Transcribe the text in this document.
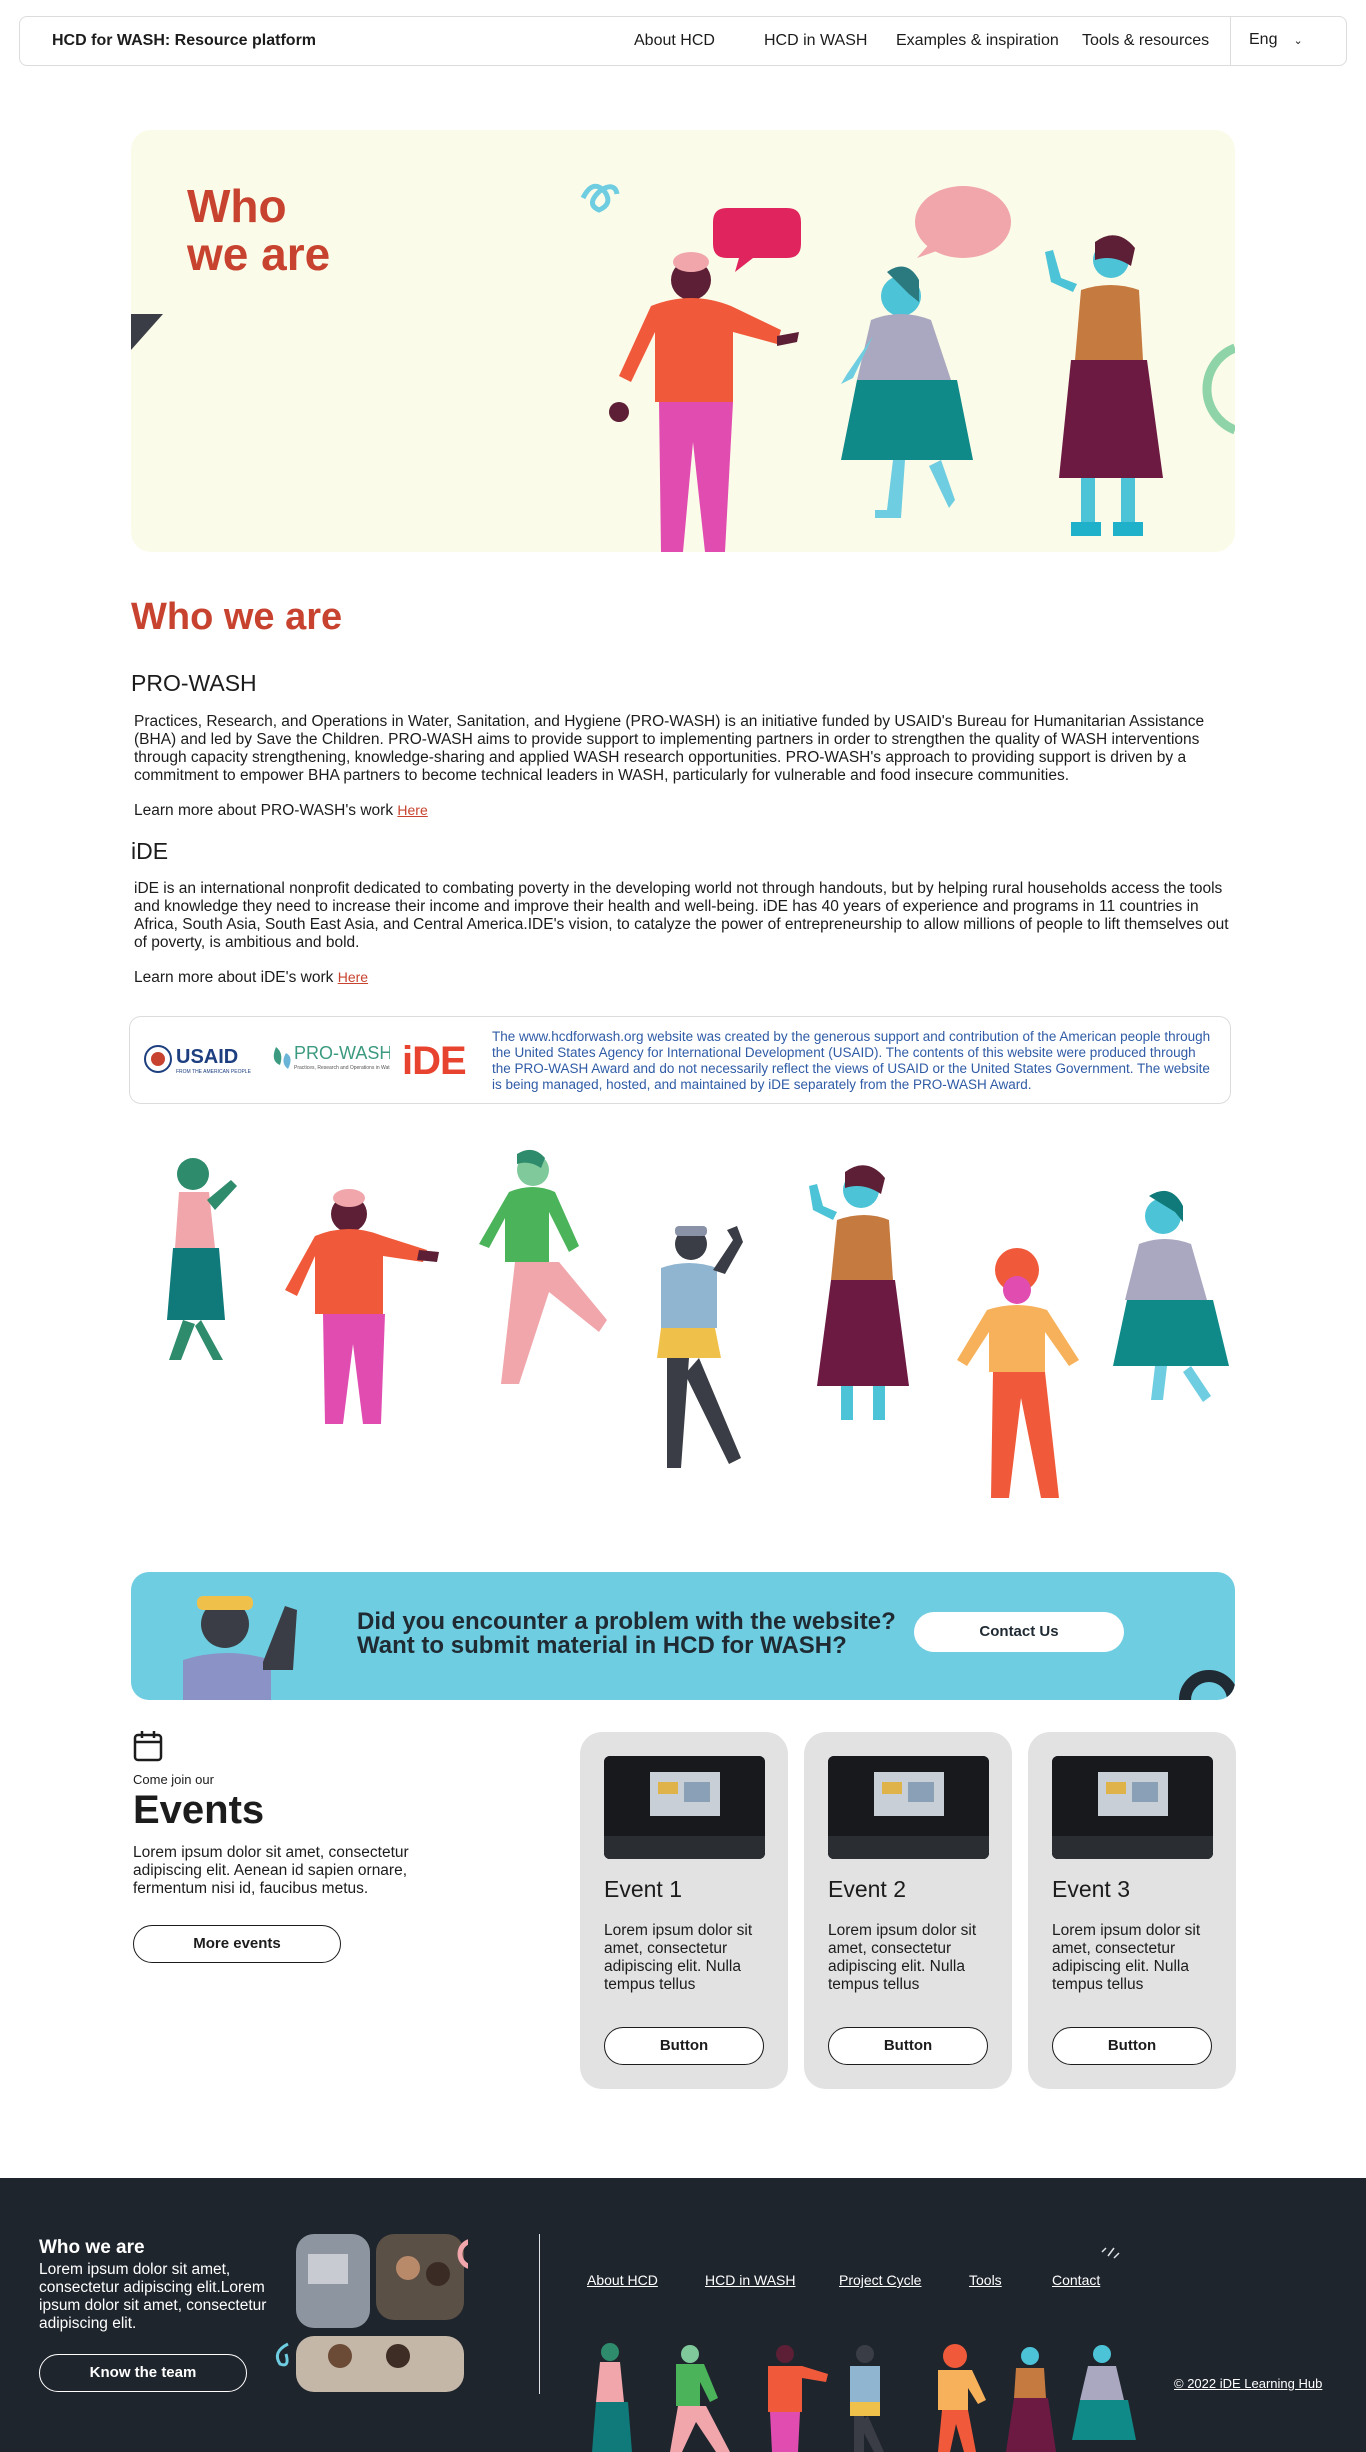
HCD for WASH: Resource platform	About HCD	HCD in WASH Examples & inspiration Tools & resources	Eng ⌄
Who
we are
Who we are
PRO-WASH
Practices, Research, and Operations in Water, Sanitation, and Hygiene (PRO-WASH) is an initiative funded by USAID's Bureau for Humanitarian Assistance (BHA) and led by Save the Children. PRO-WASH aims to provide support to implementing partners in order to strengthen the quality of WASH interventions through capacity strengthening, knowledge-sharing and applied WASH research opportunities. PRO-WASH's approach to providing support is driven by a commitment to empower BHA partners to become technical leaders in WASH, particularly for vulnerable and food insecure communities.
Learn more about PRO-WASH's work Here
iDE
iDE is an international nonprofit dedicated to combating poverty in the developing world not through handouts, but by helping rural households access the tools and knowledge they need to increase their income and improve their health and well-being. iDE has 40 years of experience and programs in 11 countries in Africa, South Asia, South East Asia, and Central America.IDE's vision, to catalyze the power of entrepreneurship to allow millions of people to lift themselves out of poverty, is ambitious and bold.
Learn more about iDE's work Here
USAID
FROM THE AMERICAN PEOPLE
PRO-WASH
Practices, Research and Operations in Wat iDE
The www.hcdforwash.org website was created by the generous support and contribution of the American people through the United States Agency for International Development (USAID). The contents of this website were produced through the PRO-WASH Award and do not necessarily reflect the views of USAID or the United States Government. The website is being managed, hosted, and maintained by iDE separately from the PRO-WASH Award.
Did you encounter a problem with the website?
Want to submit material in HCD for WASH?
Contact Us
Come join our
Events

Lorem ipsum dolor sit amet, consectetur adipiscing elit. Aenean id sapien ornare, fermentum nisi id, faucibus metus.

More events
Event 1
Lorem ipsum dolor sit amet, consectetur adipiscing elit. Nulla tempus tellus
Button
Event 2
Lorem ipsum dolor sit amet, consectetur adipiscing elit. Nulla tempus tellus
Button
Event 3
Lorem ipsum dolor sit amet, consectetur adipiscing elit. Nulla tempus tellus
Button
Who we are
Lorem ipsum dolor sit amet, consectetur adipiscing elit.Lorem ipsum dolor sit amet, consectetur adipiscing elit.
Know the team
About HCD	HCD in WASH	Project Cycle	Tools	Contact
© 2022 iDE Learning Hub
